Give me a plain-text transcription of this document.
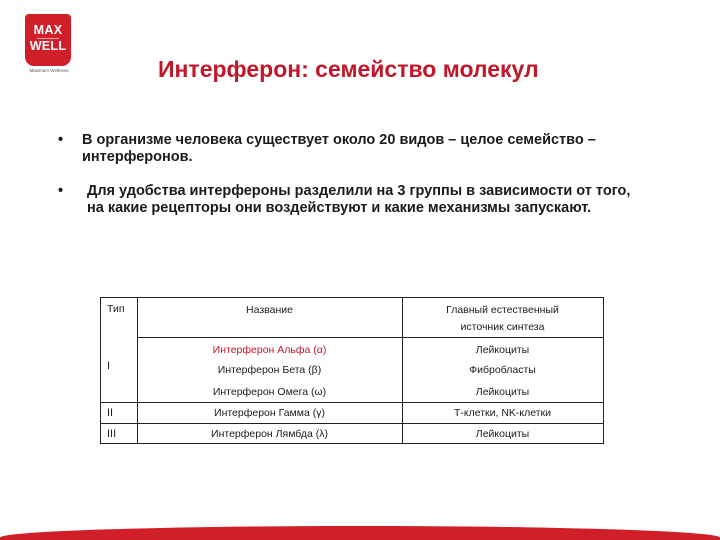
MAX
WELL
Maximum Wellness	Интерферон: семейство молекул
• В организме человека существует около 20 видов – целое семейство –
интерферонов.
• Для удобства интерфероны разделили на 3 группы в зависимости от того,
на какие рецепторы они воздействуют и какие механизмы запускают.
Тип	Название	Главный естественный
источник синтеза
I
Интерферон Альфа (α)	Лейкоциты
Интерферон Бета (β)	Фибробласты
Интерферон Омега (ω)	Лейкоциты
II	Интерферон Гамма (γ)	Т-клетки, NK-клетки
III	Интерферон Лямбда (λ)	Лейкоциты
